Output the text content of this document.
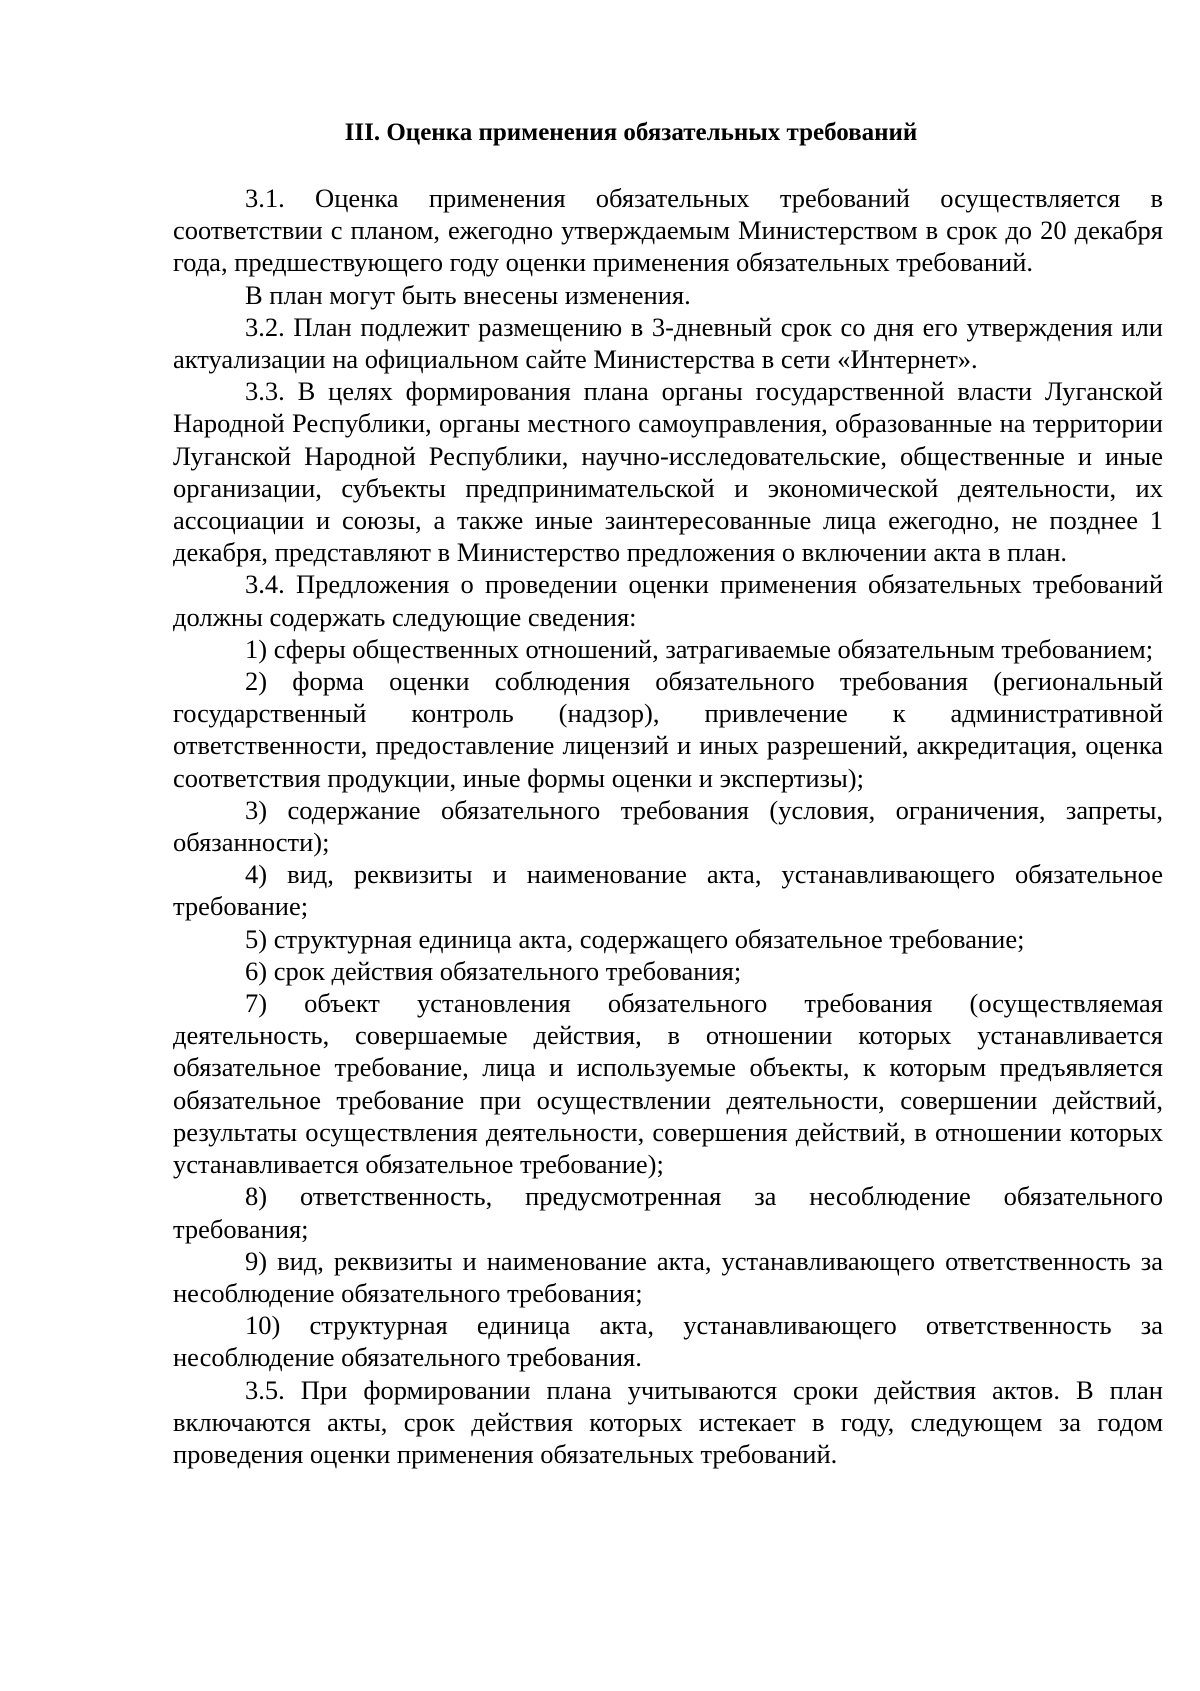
III. Оценка применения обязательных требований

3.1. Оценка применения обязательных требований осуществляется в соответствии с планом, ежегодно утверждаемым Министерством в срок до 20 декабря года, предшествующего году оценки применения обязательных требований.

В план могут быть внесены изменения.

3.2. План подлежит размещению в 3-дневный срок со дня его утверждения или актуализации на официальном сайте Министерства в сети «Интернет».

3.3. В целях формирования плана органы государственной власти Луганской Народной Республики, органы местного самоуправления, образованные на территории Луганской Народной Республики, научно-исследовательские, общественные и иные организации, субъекты предпринимательской и экономической деятельности, их ассоциации и союзы, а также иные заинтересованные лица ежегодно, не позднее 1 декабря, представляют в Министерство предложения о включении акта в план.

3.4. Предложения о проведении оценки применения обязательных требований должны содержать следующие сведения:

1) сферы общественных отношений, затрагиваемые обязательным требованием;

2) форма оценки соблюдения обязательного требования (региональный государственный контроль (надзор), привлечение к административной ответственности, предоставление лицензий и иных разрешений, аккредитация, оценка соответствия продукции, иные формы оценки и экспертизы);

3) содержание обязательного требования (условия, ограничения, запреты, обязанности);

4) вид, реквизиты и наименование акта, устанавливающего обязательное требование;

5) структурная единица акта, содержащего обязательное требование;

6) срок действия обязательного требования;

7) объект установления обязательного требования (осуществляемая деятельность, совершаемые действия, в отношении которых устанавливается обязательное требование, лица и используемые объекты, к которым предъявляется обязательное требование при осуществлении деятельности, совершении действий, результаты осуществления деятельности, совершения действий, в отношении которых устанавливается обязательное требование);

8) ответственность, предусмотренная за несоблюдение обязательного требования;

9) вид, реквизиты и наименование акта, устанавливающего ответственность за несоблюдение обязательного требования;

10) структурная единица акта, устанавливающего ответственность за несоблюдение обязательного требования.

3.5. При формировании плана учитываются сроки действия актов. В план включаются акты, срок действия которых истекает в году, следующем за годом проведения оценки применения обязательных требований.
